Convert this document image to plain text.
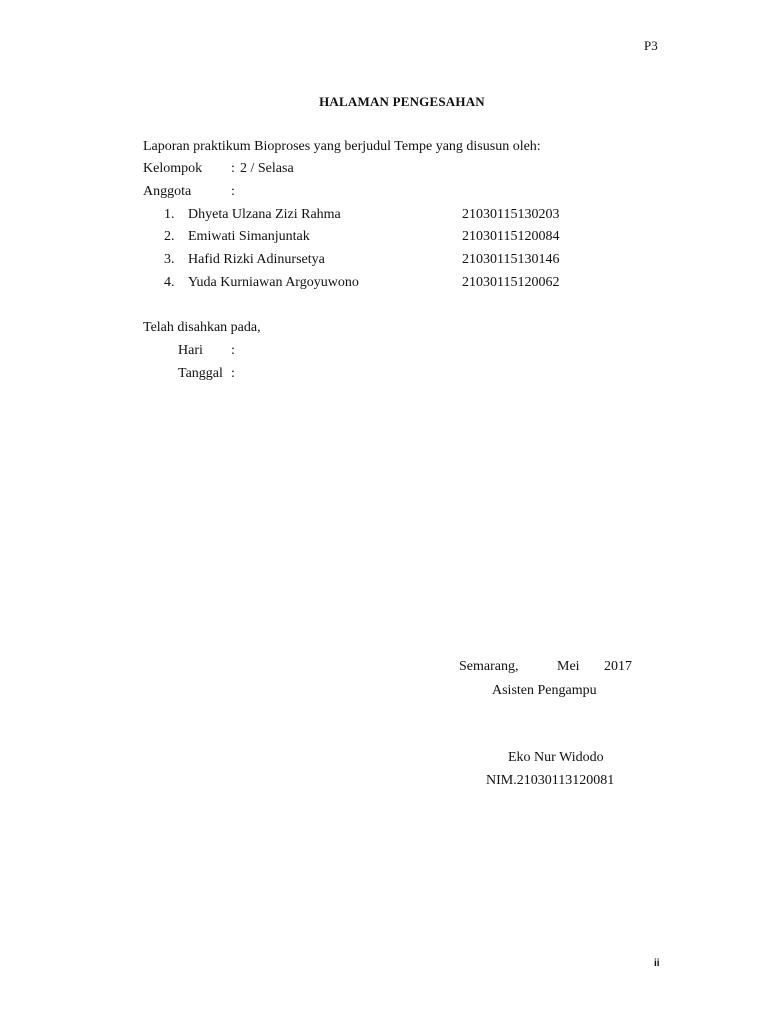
P3
HALAMAN PENGESAHAN
Laporan praktikum Bioproses yang berjudul Tempe yang disusun oleh:
Kelompok : 2 / Selasa
Anggota	:
1. Dhyeta Ulzana Zizi Rahma	21030115130203
2. Emiwati Simanjuntak	21030115120084
3. Hafid Rizki Adinursetya	21030115130146
4. Yuda Kurniawan Argoyuwono	21030115120062
Telah disahkan pada,
Hari :
Tanggal :
Semarang,	Mei 2017
Asisten Pengampu
Eko Nur Widodo
NIM.21030113120081
ii
